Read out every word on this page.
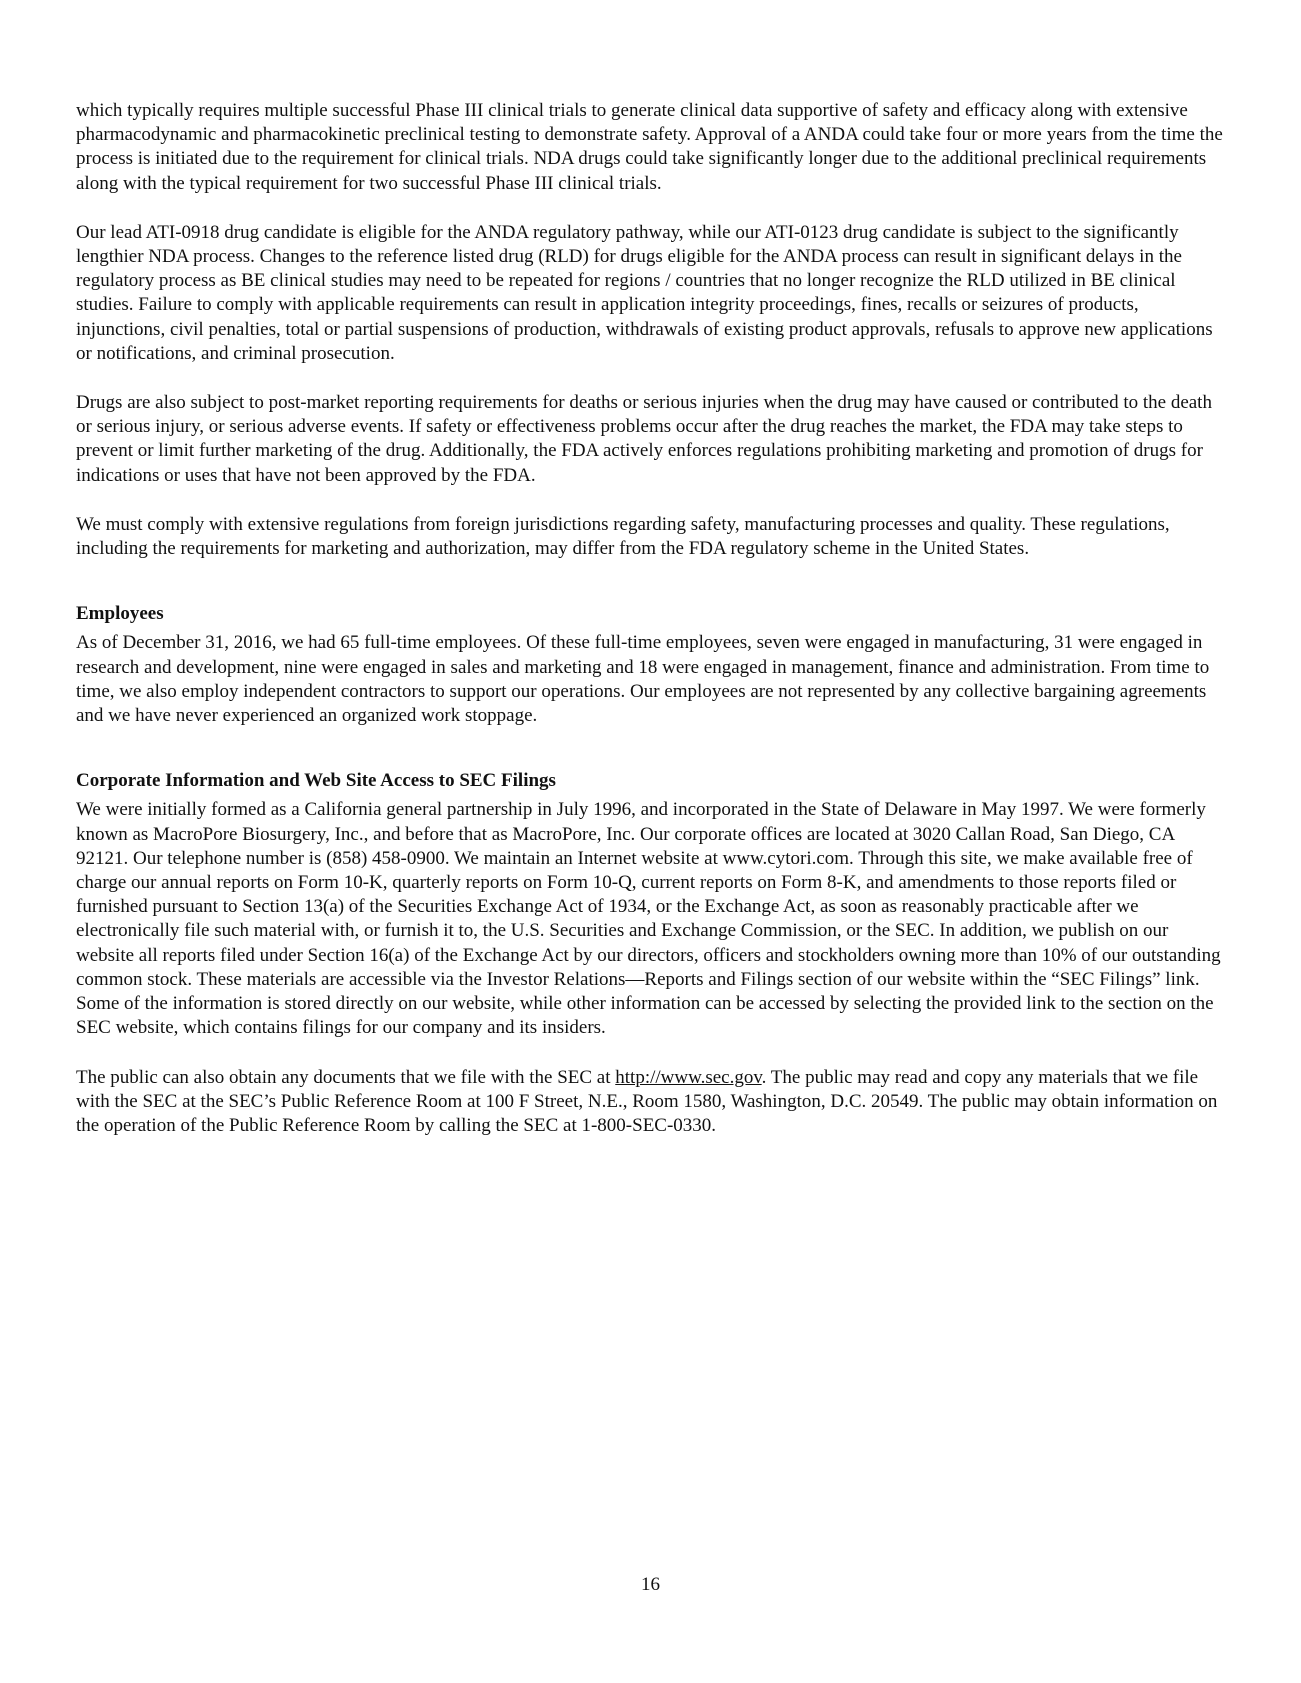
which typically requires multiple successful Phase III clinical trials to generate clinical data supportive of safety and efficacy along with extensive pharmacodynamic and pharmacokinetic preclinical testing to demonstrate safety. Approval of a ANDA could take four or more years from the time the process is initiated due to the requirement for clinical trials. NDA drugs could take significantly longer due to the additional preclinical requirements along with the typical requirement for two successful Phase III clinical trials.

Our lead ATI-0918 drug candidate is eligible for the ANDA regulatory pathway, while our ATI-0123 drug candidate is subject to the significantly lengthier NDA process. Changes to the reference listed drug (RLD) for drugs eligible for the ANDA process can result in significant delays in the regulatory process as BE clinical studies may need to be repeated for regions / countries that no longer recognize the RLD utilized in BE clinical studies. Failure to comply with applicable requirements can result in application integrity proceedings, fines, recalls or seizures of products, injunctions, civil penalties, total or partial suspensions of production, withdrawals of existing product approvals, refusals to approve new applications or notifications, and criminal prosecution.

Drugs are also subject to post-market reporting requirements for deaths or serious injuries when the drug may have caused or contributed to the death or serious injury, or serious adverse events. If safety or effectiveness problems occur after the drug reaches the market, the FDA may take steps to prevent or limit further marketing of the drug. Additionally, the FDA actively enforces regulations prohibiting marketing and promotion of drugs for indications or uses that have not been approved by the FDA.

We must comply with extensive regulations from foreign jurisdictions regarding safety, manufacturing processes and quality. These regulations, including the requirements for marketing and authorization, may differ from the FDA regulatory scheme in the United States.

Employees

As of December 31, 2016, we had 65 full-time employees. Of these full-time employees, seven were engaged in manufacturing, 31 were engaged in research and development, nine were engaged in sales and marketing and 18 were engaged in management, finance and administration. From time to time, we also employ independent contractors to support our operations. Our employees are not represented by any collective bargaining agreements and we have never experienced an organized work stoppage.

Corporate Information and Web Site Access to SEC Filings

We were initially formed as a California general partnership in July 1996, and incorporated in the State of Delaware in May 1997. We were formerly known as MacroPore Biosurgery, Inc., and before that as MacroPore, Inc. Our corporate offices are located at 3020 Callan Road, San Diego, CA 92121. Our telephone number is (858) 458-0900. We maintain an Internet website at www.cytori.com. Through this site, we make available free of charge our annual reports on Form 10-K, quarterly reports on Form 10-Q, current reports on Form 8-K, and amendments to those reports filed or furnished pursuant to Section 13(a) of the Securities Exchange Act of 1934, or the Exchange Act, as soon as reasonably practicable after we electronically file such material with, or furnish it to, the U.S. Securities and Exchange Commission, or the SEC. In addition, we publish on our website all reports filed under Section 16(a) of the Exchange Act by our directors, officers and stockholders owning more than 10% of our outstanding common stock. These materials are accessible via the Investor Relations—Reports and Filings section of our website within the “SEC Filings” link. Some of the information is stored directly on our website, while other information can be accessed by selecting the provided link to the section on the SEC website, which contains filings for our company and its insiders.

The public can also obtain any documents that we file with the SEC at http://www.sec.gov. The public may read and copy any materials that we file with the SEC at the SEC’s Public Reference Room at 100 F Street, N.E., Room 1580, Washington, D.C. 20549. The public may obtain information on the operation of the Public Reference Room by calling the SEC at 1-800-SEC-0330.

16
